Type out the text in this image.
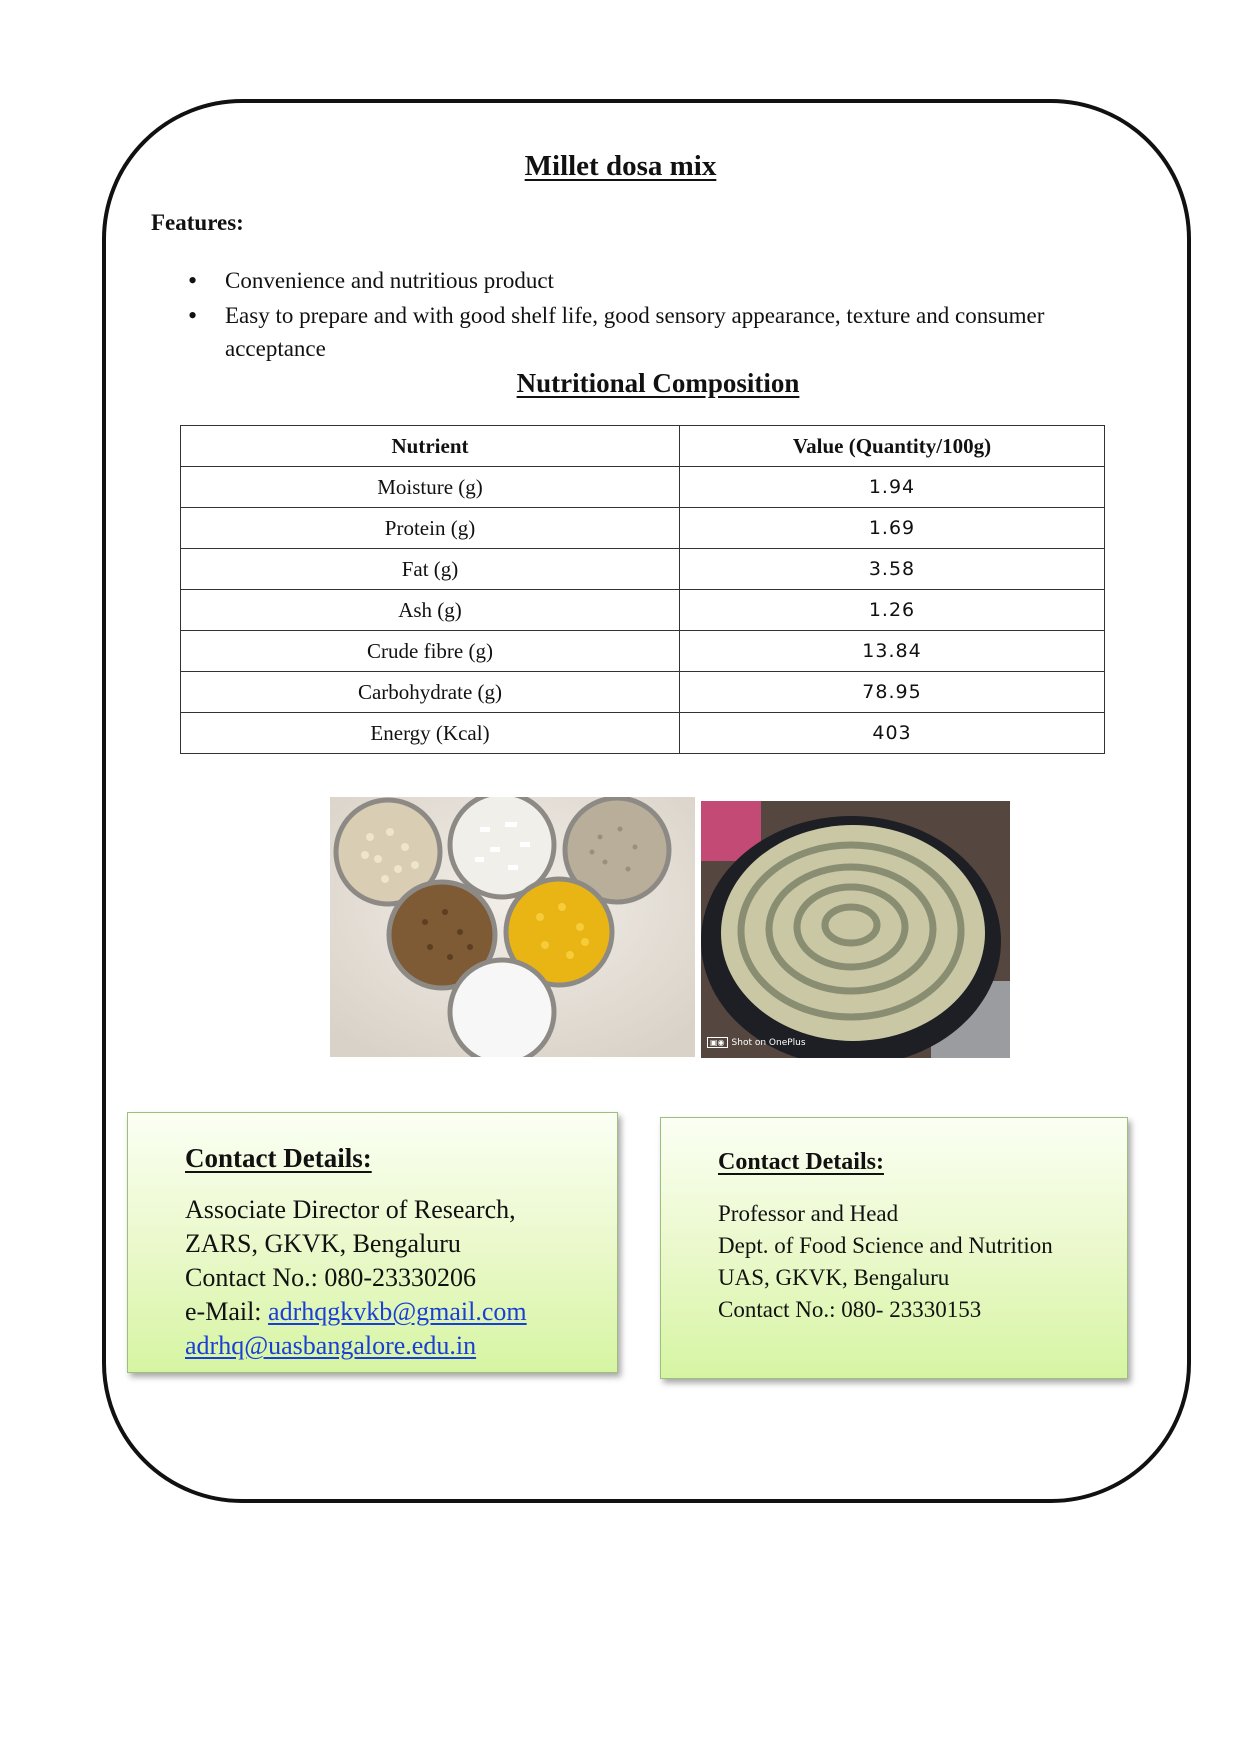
Millet dosa mix
Features:
• Convenience and nutritious product
• Easy to prepare and with good shelf life, good sensory appearance, texture and consumer acceptance
Nutritional Composition
Nutrient	Value (Quantity/100g)
Moisture (g)	1.94
Protein (g)	1.69
Fat (g)	3.58
Ash (g)	1.26
Crude fibre (g)	13.84
Carbohydrate (g)	78.95
Energy (Kcal)	403
▣◉ Shot on OnePlus
Contact Details:
Associate Director of Research,
ZARS, GKVK, Bengaluru
Contact No.: 080-23330206
e-Mail: adrhqgkvkb@gmail.com
adrhq@uasbangalore.edu.in
Contact Details:
Professor and Head
Dept. of Food Science and Nutrition
UAS, GKVK, Bengaluru
Contact No.: 080- 23330153
